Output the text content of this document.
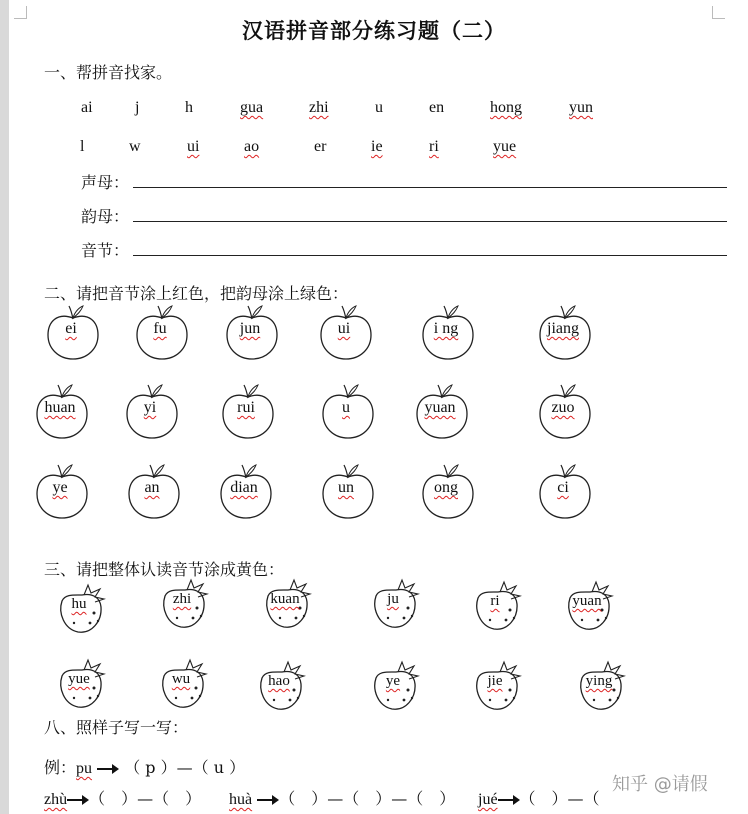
汉语拼音部分练习题（二）
一、帮拼音找家。
ai	j	h	gua	zhi	u	en	hong	yun
l	w	ui	ao	er	ie	ri	yue
声母：
韵母：
音节：
二、请把音节涂上红色，把韵母涂上绿色：
ei	fu	jun	ui	i ng	jiang
huan	yi	rui	u	yuan	zuo
ye	an	dian	un	ong	ci
三、请把整体认读音节涂成黄色：
hu	zhi	kuan	ju	ri	yuan
yue	wu	hao	ye	jie	ying
八、照样子写一写：
例：pu （ p ）—（ u ）
zhù （　）—（　） huà （　）—（　）—（　） jué （　）—（　
知乎 @请假
